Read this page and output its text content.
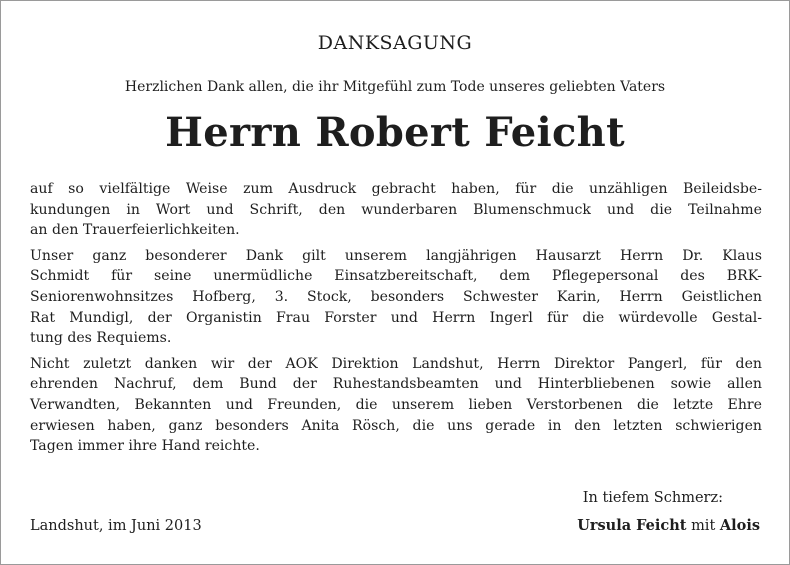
DANKSAGUNG
Herzlichen Dank allen, die ihr Mitgefühl zum Tode unseres geliebten Vaters
Herrn Robert Feicht

auf so vielfältige Weise zum Ausdruck gebracht haben, für die unzähligen Beileidsbe-
kundungen in Wort und Schrift, den wunderbaren Blumenschmuck und die Teilnahme
an den Trauerfeierlichkeiten.

Unser ganz besonderer Dank gilt unserem langjährigen Hausarzt Herrn Dr. Klaus
Schmidt für seine unermüdliche Einsatzbereitschaft, dem Pflegepersonal des BRK-
Seniorenwohnsitzes Hofberg, 3. Stock, besonders Schwester Karin, Herrn Geistlichen
Rat Mundigl, der Organistin Frau Forster und Herrn Ingerl für die würdevolle Gestal-
tung des Requiems.

Nicht zuletzt danken wir der AOK Direktion Landshut, Herrn Direktor Pangerl, für den
ehrenden Nachruf, dem Bund der Ruhestandsbeamten und Hinterbliebenen sowie allen
Verwandten, Bekannten und Freunden, die unserem lieben Verstorbenen die letzte Ehre
erwiesen haben, ganz besonders Anita Rösch, die uns gerade in den letzten schwierigen
Tagen immer ihre Hand reichte.

In tiefem Schmerz:
Landshut, im Juni 2013	Ursula Feicht mit Alois
